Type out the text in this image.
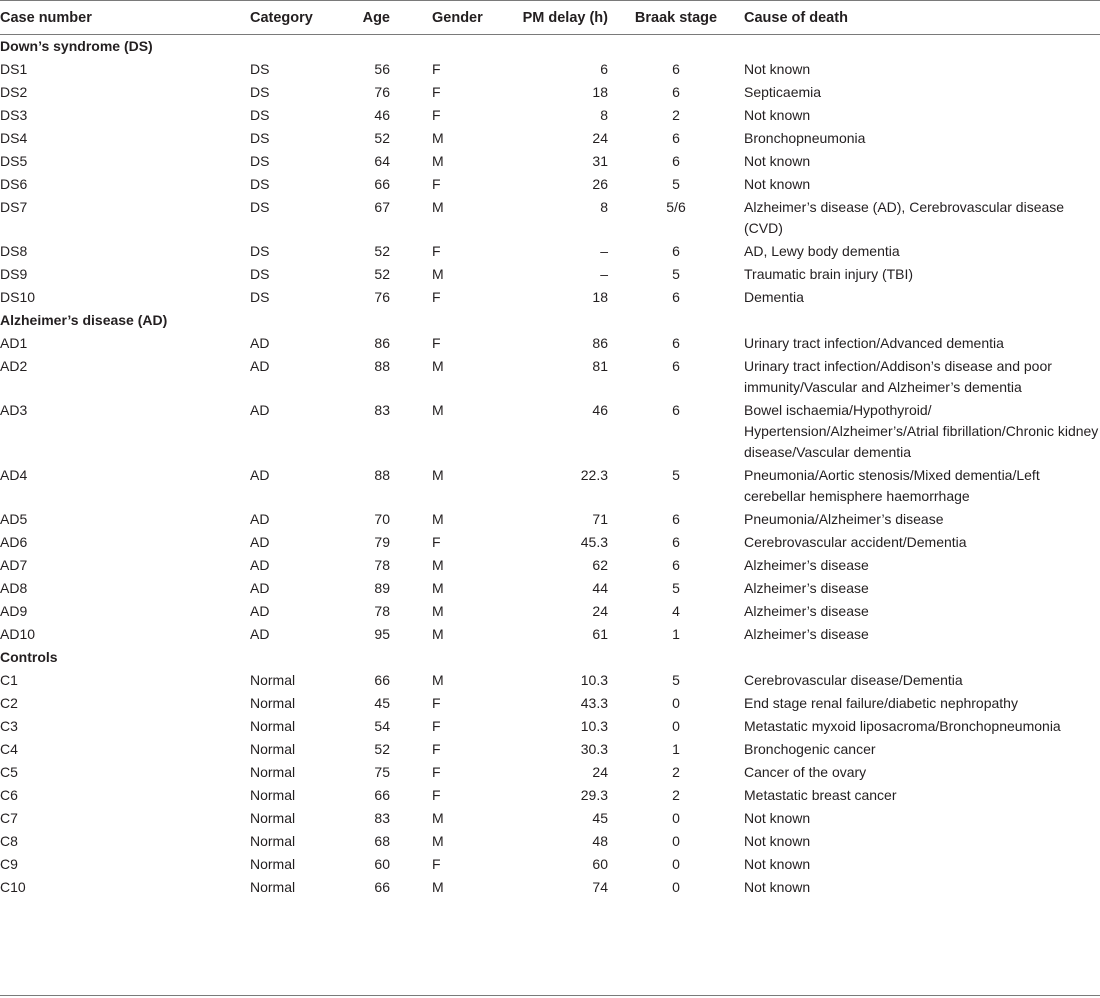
Case number	Category	Age		Gender	PM delay (h)	Braak stage	Cause of death
Down’s syndrome (DS)							
DS1	DS	56		F	6	6	Not known
DS2	DS	76		F	18	6	Septicaemia
DS3	DS	46		F	8	2	Not known
DS4	DS	52		M	24	6	Bronchopneumonia
DS5	DS	64		M	31	6	Not known
DS6	DS	66		F	26	5	Not known
DS7	DS	67		M	8	5/6	Alzheimer’s disease (AD), Cerebrovascular disease (CVD)
DS8	DS	52		F	–	6	AD, Lewy body dementia
DS9	DS	52		M	–	5	Traumatic brain injury (TBI)
DS10	DS	76		F	18	6	Dementia
Alzheimer’s disease (AD)							
AD1	AD	86		F	86	6	Urinary tract infection/Advanced dementia
AD2	AD	88		M	81	6	Urinary tract infection/Addison’s disease and poor immunity/Vascular and Alzheimer’s dementia
AD3	AD	83		M	46	6	Bowel ischaemia/Hypothyroid/ Hypertension/Alzheimer’s/Atrial fibrillation/Chronic kidney disease/Vascular dementia
AD4	AD	88		M	22.3	5	Pneumonia/Aortic stenosis/Mixed dementia/Left cerebellar hemisphere haemorrhage
AD5	AD	70		M	71	6	Pneumonia/Alzheimer’s disease
AD6	AD	79		F	45.3	6	Cerebrovascular accident/Dementia
AD7	AD	78		M	62	6	Alzheimer’s disease
AD8	AD	89		M	44	5	Alzheimer’s disease
AD9	AD	78		M	24	4	Alzheimer’s disease
AD10	AD	95		M	61	1	Alzheimer’s disease
Controls							
C1	Normal	66		M	10.3	5	Cerebrovascular disease/Dementia
C2	Normal	45		F	43.3	0	End stage renal failure/diabetic nephropathy
C3	Normal	54		F	10.3	0	Metastatic myxoid liposacroma/Bronchopneumonia
C4	Normal	52		F	30.3	1	Bronchogenic cancer
C5	Normal	75		F	24	2	Cancer of the ovary
C6	Normal	66		F	29.3	2	Metastatic breast cancer
C7	Normal	83		M	45	0	Not known
C8	Normal	68		M	48	0	Not known
C9	Normal	60		F	60	0	Not known
C10	Normal	66		M	74	0	Not known
